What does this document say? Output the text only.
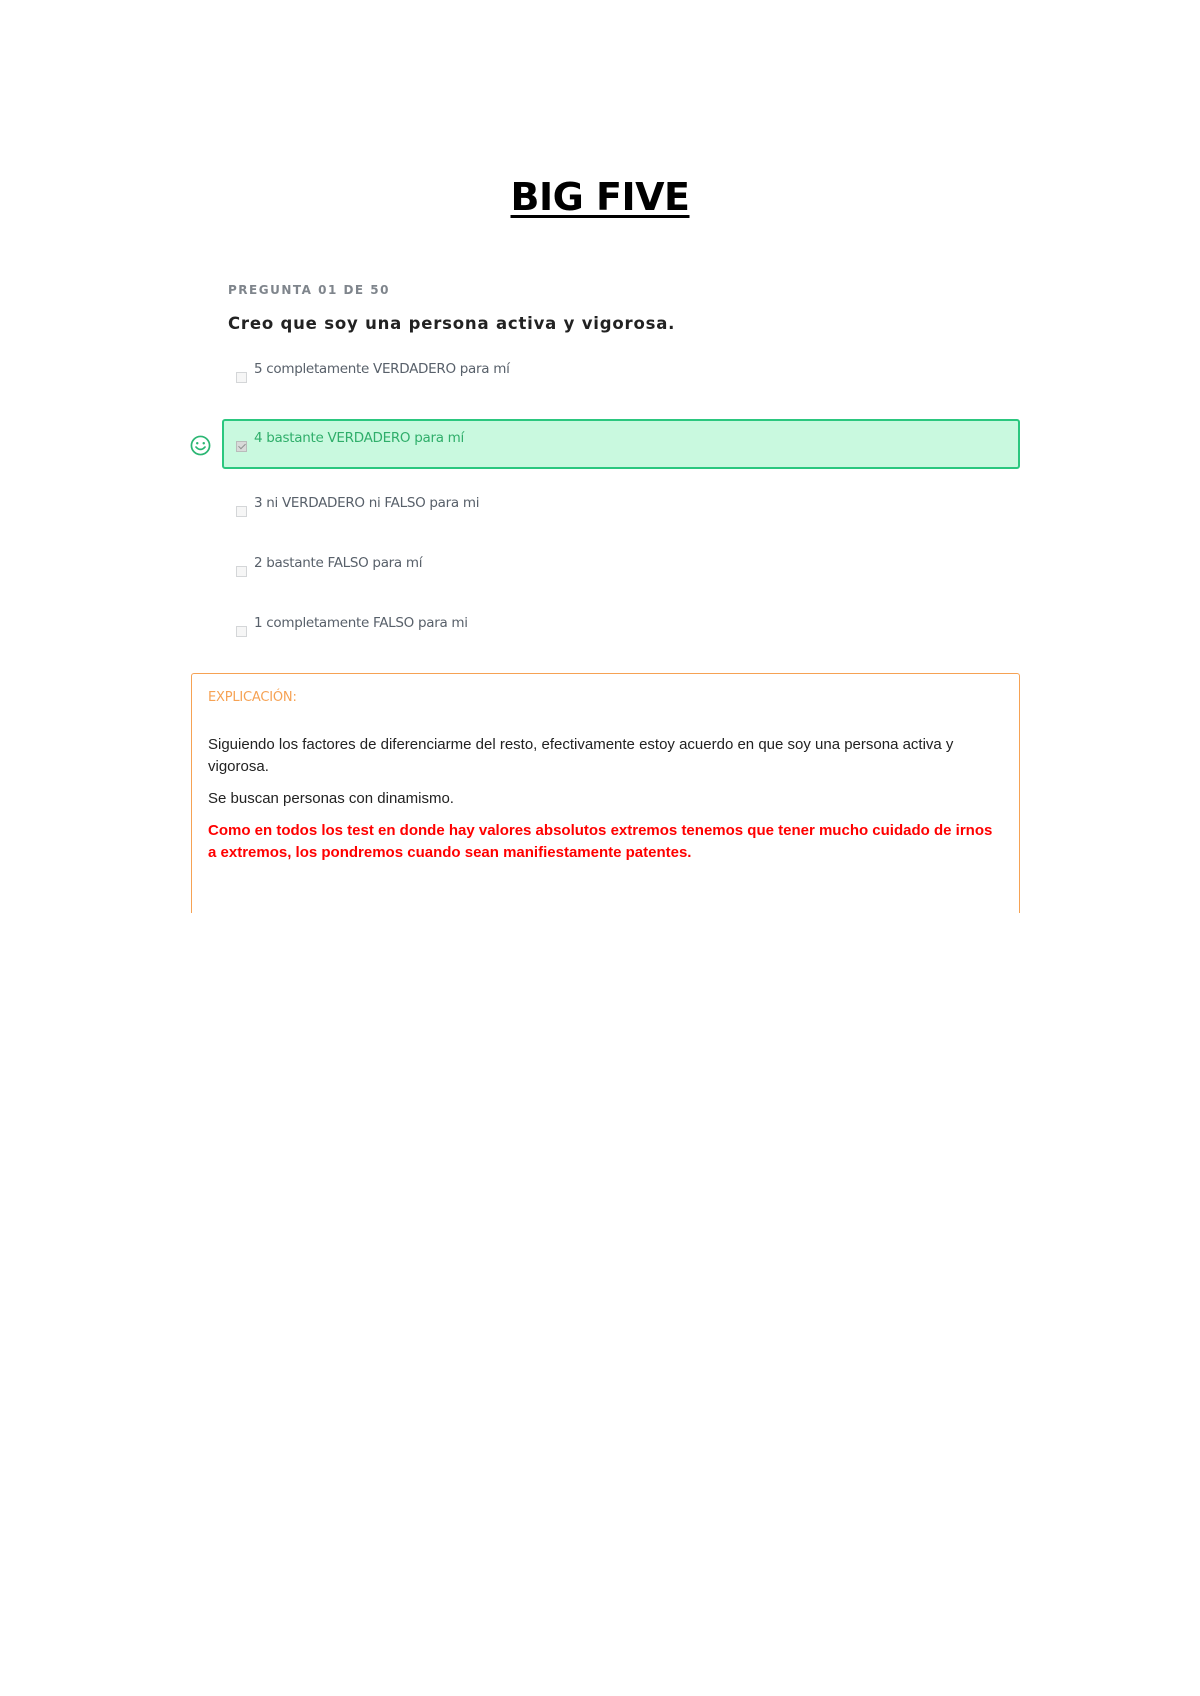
BIG FIVE
PREGUNTA 01 DE 50
Creo que soy una persona activa y vigorosa.
5 completamente VERDADERO para mí
4 bastante VERDADERO para mí
3 ni VERDADERO ni FALSO para mi
2 bastante FALSO para mí
1 completamente FALSO para mi
EXPLICACIÓN:
Siguiendo los factores de diferenciarme del resto, efectivamente estoy acuerdo en que soy una persona activa y vigorosa.
Se buscan personas con dinamismo.
Como en todos los test en donde hay valores absolutos extremos tenemos que tener mucho cuidado de irnos a extremos, los pondremos cuando sean manifiestamente patentes.
